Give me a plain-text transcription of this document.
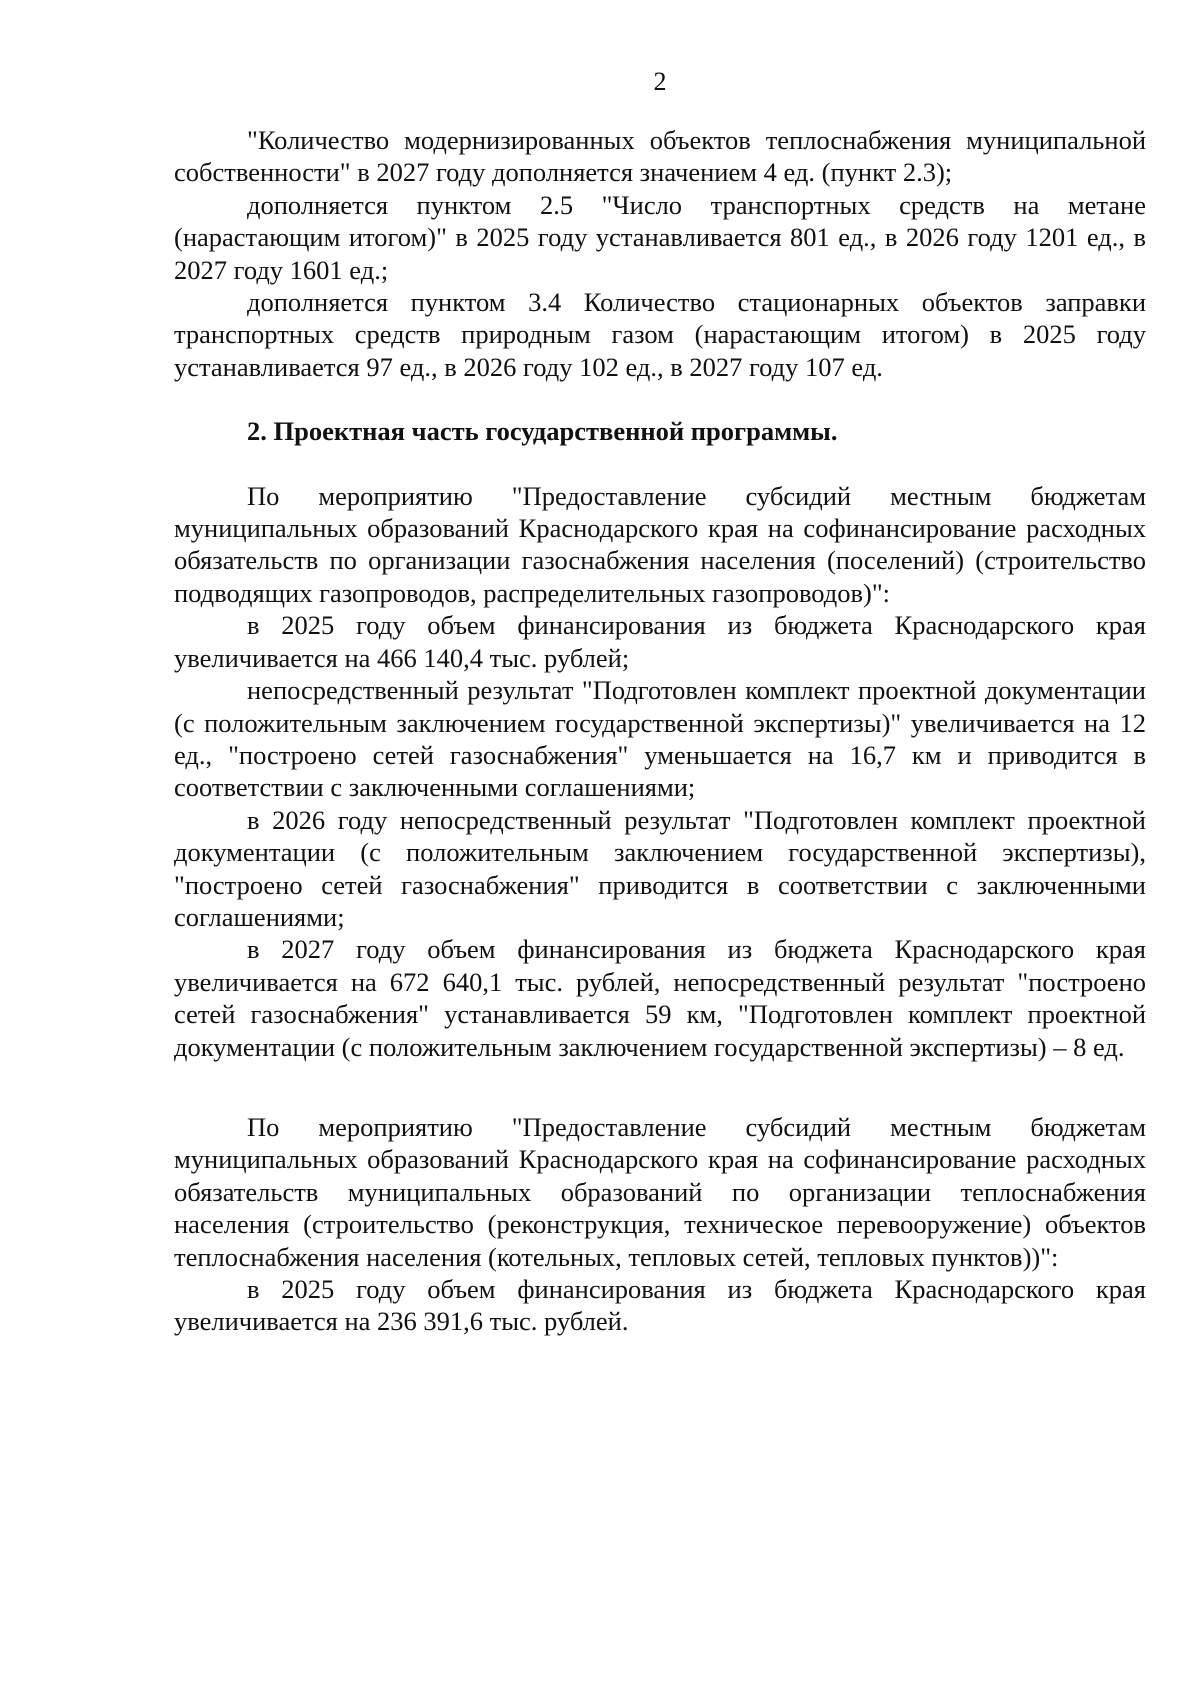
2

"Количество модернизированных объектов теплоснабжения муниципальной собственности" в 2027 году дополняется значением 4 ед. (пункт 2.3);

дополняется пунктом 2.5 "Число транспортных средств на метане (нарастающим итогом)" в 2025 году устанавливается 801 ед., в 2026 году 1201 ед., в 2027 году 1601 ед.;

дополняется пунктом 3.4 Количество стационарных объектов заправки транспортных средств природным газом (нарастающим итогом) в 2025 году устанавливается 97 ед., в 2026 году 102 ед., в 2027 году 107 ед.

2. Проектная часть государственной программы.

По мероприятию "Предоставление субсидий местным бюджетам муниципальных образований Краснодарского края на софинансирование расходных обязательств по организации газоснабжения населения (поселений) (строительство подводящих газопроводов, распределительных газопроводов)":

в 2025 году объем финансирования из бюджета Краснодарского края увеличивается на 466 140,4 тыс. рублей;

непосредственный результат "Подготовлен комплект проектной документации (с положительным заключением государственной экспертизы)" увеличивается на 12 ед., "построено сетей газоснабжения" уменьшается на 16,7 км и приводится в соответствии с заключенными соглашениями;

в 2026 году непосредственный результат "Подготовлен комплект проектной документации (с положительным заключением государственной экспертизы), "построено сетей газоснабжения" приводится в соответствии с заключенными соглашениями;

в 2027 году объем финансирования из бюджета Краснодарского края увеличивается на 672 640,1 тыс. рублей, непосредственный результат "построено сетей газоснабжения" устанавливается 59 км, "Подготовлен комплект проектной документации (с положительным заключением государственной экспертизы) – 8 ед.

По мероприятию "Предоставление субсидий местным бюджетам муниципальных образований Краснодарского края на софинансирование расходных обязательств муниципальных образований по организации теплоснабжения населения (строительство (реконструкция, техническое перевооружение) объектов теплоснабжения населения (котельных, тепловых сетей, тепловых пунктов))":

в 2025 году объем финансирования из бюджета Краснодарского края увеличивается на 236 391,6 тыс. рублей.
